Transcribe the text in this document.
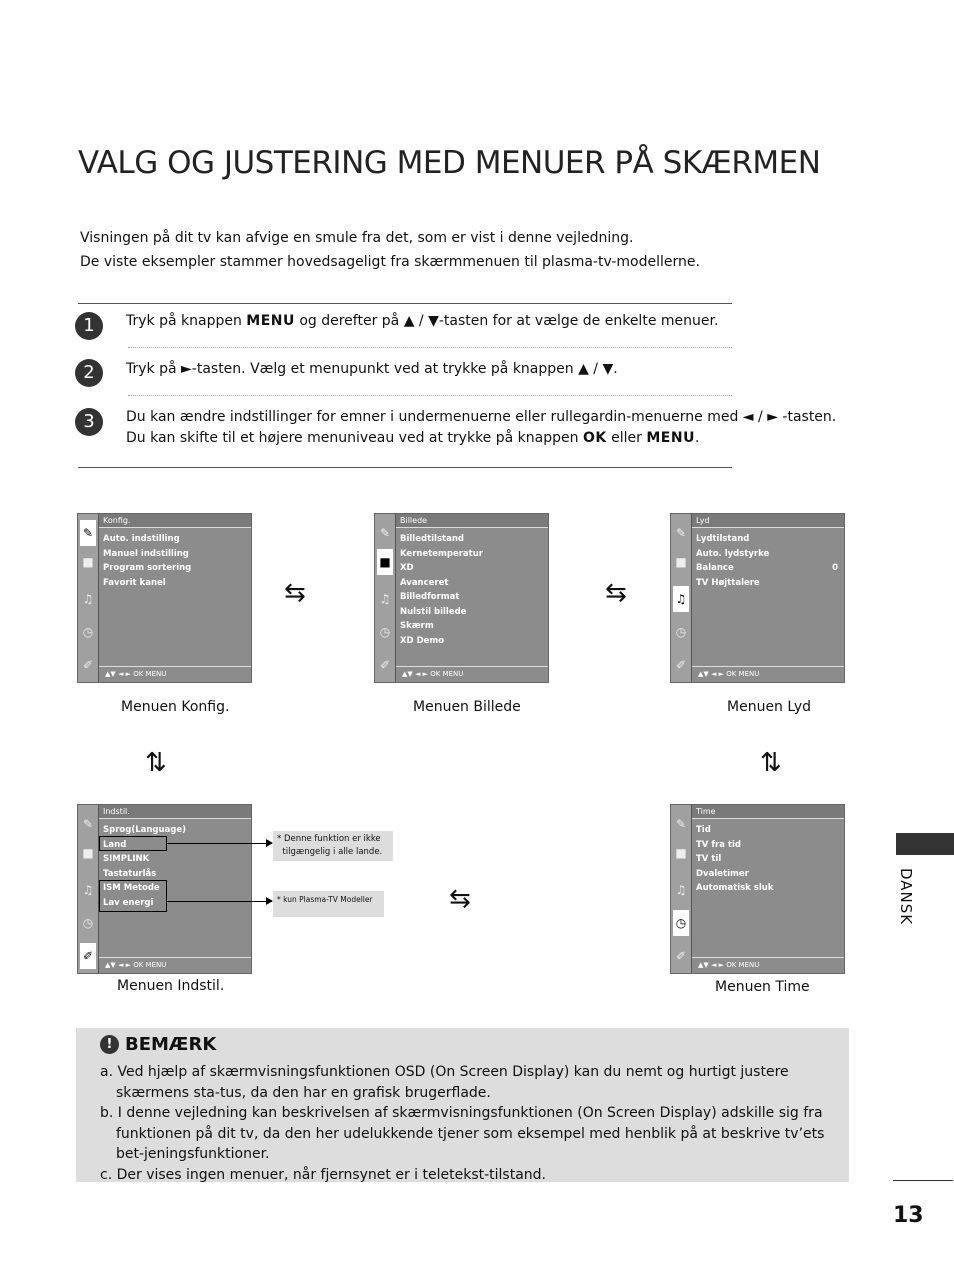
VALG OG JUSTERING MED MENUER PÅ SKÆRMEN
Visningen på dit tv kan afvige en smule fra det, som er vist i denne vejledning.
De viste eksempler stammer hovedsageligt fra skærmmenuen til plasma-tv-modellerne.
1	Tryk på knappen MENU og derefter på ▲ / ▼-tasten for at vælge de enkelte menuer.
2	Tryk på ►-tasten. Vælg et menupunkt ved at trykke på knappen ▲ / ▼.
3	Du kan ændre indstillinger for emner i undermenuerne eller rullegardin-menuerne med ◄ / ► -tasten.
Du kan skifte til et højere menuniveau ved at trykke på knappen OK eller MENU.
✎
■
♫
◷
✐
Konfig.
Auto. indstilling
Manuel indstilling
Program sortering
Favorit kanel
▲▼ ◄ ► OK MENU
Menuen Konfig.
✎
■
♫
◷
✐
Billede
Billedtilstand
Kernetemperatur
XD
Avanceret
Billedformat
Nulstil billede
Skærm
XD Demo
▲▼ ◄ ► OK MENU
Menuen Billede
✎
■
♫
◷
✐
Lyd
Lydtilstand
Auto. lydstyrke
Balance	0
TV Højttalere
▲▼ ◄ ► OK MENU
Menuen Lyd
⇆	⇆
⇅	⇅
⇆
✎
■
♫
◷
✐
Indstil.
Sprog(Language)
Land
SIMPLINK
Tastaturlås
ISM Metode
Lav energi
▲▼ ◄ ► OK MENU
Menuen Indstil.
* Denne funktion er ikke
tilgængelig i alle lande.
* kun Plasma-TV Modeller
✎
■
♫
◷
✐
Time
Tid
TV fra tid
TV til
Dvaletimer
Automatisk sluk
▲▼ ◄ ► OK MENU
Menuen Time
DANSK
! BEMÆRK
a. Ved hjælp af skærmvisningsfunktionen OSD (On Screen Display) kan du nemt og hurtigt justere skærmens sta-tus, da den har en grafisk brugerflade.
b. I denne vejledning kan beskrivelsen af skærmvisningsfunktionen (On Screen Display) adskille sig fra funktionen på dit tv, da den her udelukkende tjener som eksempel med henblik på at beskrive tv’ets bet-jeningsfunktioner.
c. Der vises ingen menuer, når fjernsynet er i teletekst-tilstand.
13
